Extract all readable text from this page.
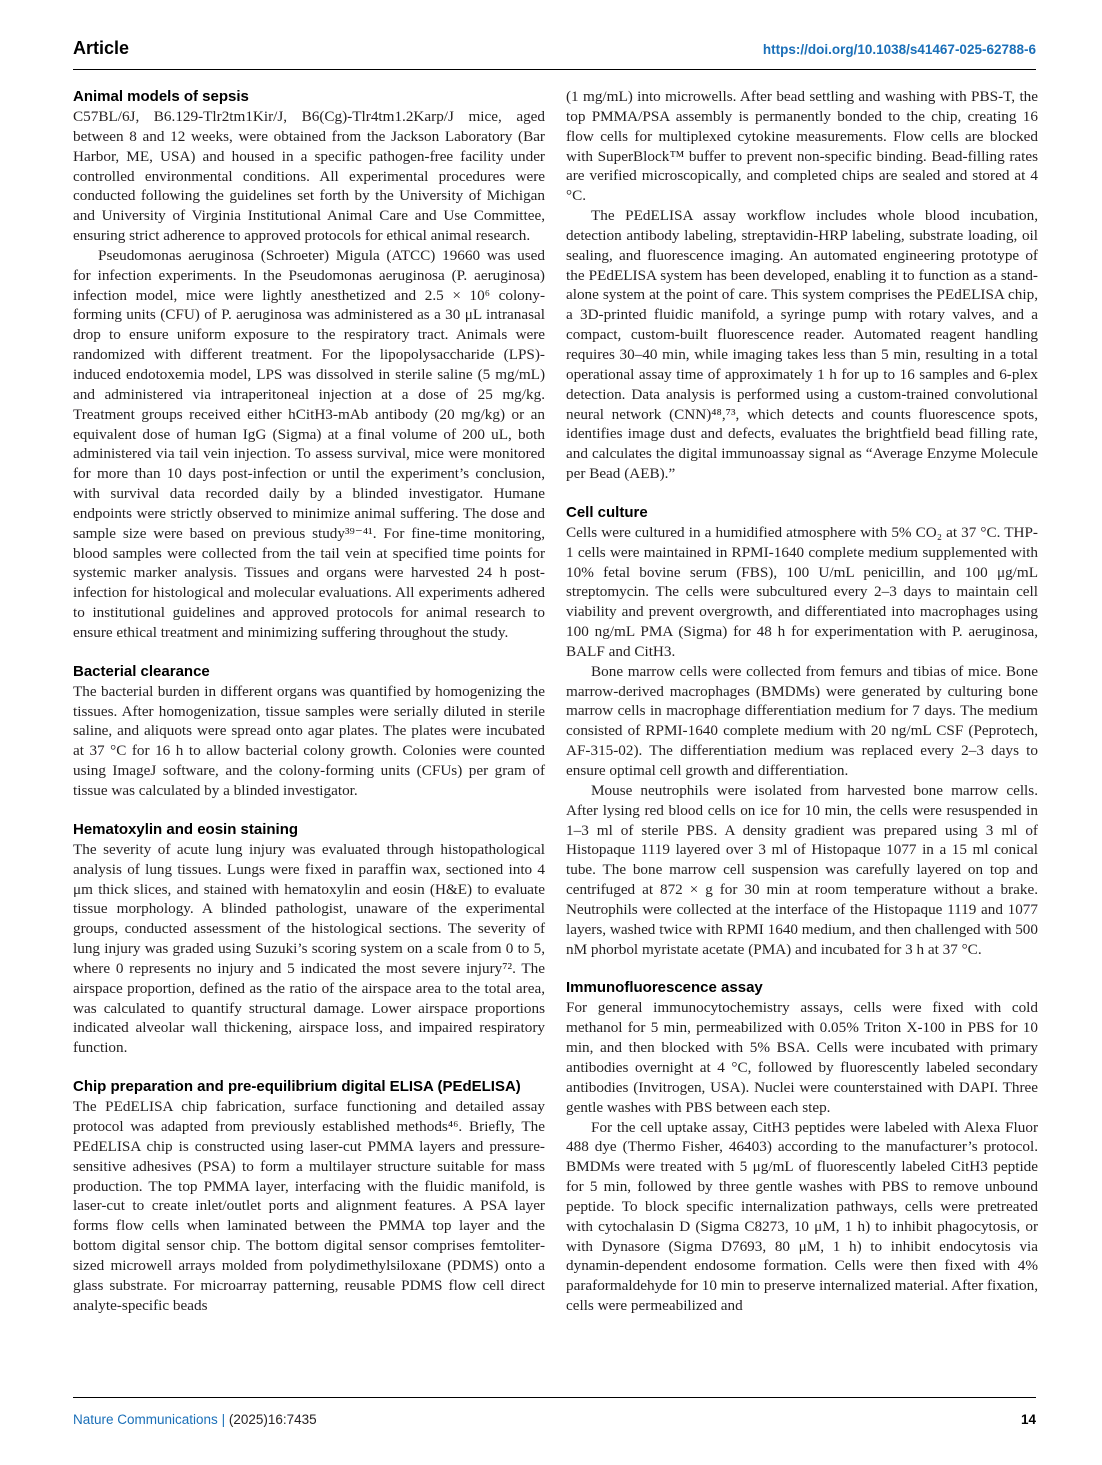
Article	https://doi.org/10.1038/s41467-025-62788-6
Animal models of sepsis

C57BL/6J, B6.129-Tlr2tm1Kir/J, B6(Cg)-Tlr4tm1.2Karp/J mice, aged between 8 and 12 weeks, were obtained from the Jackson Laboratory (Bar Harbor, ME, USA) and housed in a specific pathogen-free facility under controlled environmental conditions. All experimental procedures were conducted following the guidelines set forth by the University of Michigan and University of Virginia Institutional Animal Care and Use Committee, ensuring strict adherence to approved protocols for ethical animal research.

Pseudomonas aeruginosa (Schroeter) Migula (ATCC) 19660 was used for infection experiments. In the Pseudomonas aeruginosa (P. aeruginosa) infection model, mice were lightly anesthetized and 2.5 × 10⁶ colony-forming units (CFU) of P. aeruginosa was administered as a 30 μL intranasal drop to ensure uniform exposure to the respiratory tract. Animals were randomized with different treatment. For the lipopolysaccharide (LPS)-induced endotoxemia model, LPS was dissolved in sterile saline (5 mg/mL) and administered via intraperitoneal injection at a dose of 25 mg/kg. Treatment groups received either hCitH3-mAb antibody (20 mg/kg) or an equivalent dose of human IgG (Sigma) at a final volume of 200 uL, both administered via tail vein injection. To assess survival, mice were monitored for more than 10 days post-infection or until the experiment’s conclusion, with survival data recorded daily by a blinded investigator. Humane endpoints were strictly observed to minimize animal suffering. The dose and sample size were based on previous study³⁹⁻⁴¹. For fine-time monitoring, blood samples were collected from the tail vein at specified time points for systemic marker analysis. Tissues and organs were harvested 24 h post-infection for histological and molecular evaluations. All experiments adhered to institutional guidelines and approved protocols for animal research to ensure ethical treatment and minimizing suffering throughout the study.

Bacterial clearance

The bacterial burden in different organs was quantified by homogenizing the tissues. After homogenization, tissue samples were serially diluted in sterile saline, and aliquots were spread onto agar plates. The plates were incubated at 37 °C for 16 h to allow bacterial colony growth. Colonies were counted using ImageJ software, and the colony-forming units (CFUs) per gram of tissue was calculated by a blinded investigator.

Hematoxylin and eosin staining

The severity of acute lung injury was evaluated through histopathological analysis of lung tissues. Lungs were fixed in paraffin wax, sectioned into 4 μm thick slices, and stained with hematoxylin and eosin (H&E) to evaluate tissue morphology. A blinded pathologist, unaware of the experimental groups, conducted assessment of the histological sections. The severity of lung injury was graded using Suzuki’s scoring system on a scale from 0 to 5, where 0 represents no injury and 5 indicated the most severe injury⁷². The airspace proportion, defined as the ratio of the airspace area to the total area, was calculated to quantify structural damage. Lower airspace proportions indicated alveolar wall thickening, airspace loss, and impaired respiratory function.

Chip preparation and pre-equilibrium digital ELISA (PEdELISA)

The PEdELISA chip fabrication, surface functioning and detailed assay protocol was adapted from previously established methods⁴⁶. Briefly, The PEdELISA chip is constructed using laser-cut PMMA layers and pressure-sensitive adhesives (PSA) to form a multilayer structure suitable for mass production. The top PMMA layer, interfacing with the fluidic manifold, is laser-cut to create inlet/outlet ports and alignment features. A PSA layer forms flow cells when laminated between the PMMA top layer and the bottom digital sensor chip. The bottom digital sensor comprises femtoliter-sized microwell arrays molded from polydimethylsiloxane (PDMS) onto a glass substrate. For microarray patterning, reusable PDMS flow cell direct analyte-specific beads

(1 mg/mL) into microwells. After bead settling and washing with PBS-T, the top PMMA/PSA assembly is permanently bonded to the chip, creating 16 flow cells for multiplexed cytokine measurements. Flow cells are blocked with SuperBlock™ buffer to prevent non-specific binding. Bead-filling rates are verified microscopically, and completed chips are sealed and stored at 4 °C.

The PEdELISA assay workflow includes whole blood incubation, detection antibody labeling, streptavidin-HRP labeling, substrate loading, oil sealing, and fluorescence imaging. An automated engineering prototype of the PEdELISA system has been developed, enabling it to function as a stand-alone system at the point of care. This system comprises the PEdELISA chip, a 3D-printed fluidic manifold, a syringe pump with rotary valves, and a compact, custom-built fluorescence reader. Automated reagent handling requires 30–40 min, while imaging takes less than 5 min, resulting in a total operational assay time of approximately 1 h for up to 16 samples and 6-plex detection. Data analysis is performed using a custom-trained convolutional neural network (CNN)⁴⁸,⁷³, which detects and counts fluorescence spots, identifies image dust and defects, evaluates the brightfield bead filling rate, and calculates the digital immunoassay signal as “Average Enzyme Molecule per Bead (AEB).”

Cell culture

Cells were cultured in a humidified atmosphere with 5% CO₂ at 37 °C. THP-1 cells were maintained in RPMI-1640 complete medium supplemented with 10% fetal bovine serum (FBS), 100 U/mL penicillin, and 100 μg/mL streptomycin. The cells were subcultured every 2–3 days to maintain cell viability and prevent overgrowth, and differentiated into macrophages using 100 ng/mL PMA (Sigma) for 48 h for experimentation with P. aeruginosa, BALF and CitH3.

Bone marrow cells were collected from femurs and tibias of mice. Bone marrow-derived macrophages (BMDMs) were generated by culturing bone marrow cells in macrophage differentiation medium for 7 days. The medium consisted of RPMI-1640 complete medium with 20 ng/mL CSF (Peprotech, AF-315-02). The differentiation medium was replaced every 2–3 days to ensure optimal cell growth and differentiation.

Mouse neutrophils were isolated from harvested bone marrow cells. After lysing red blood cells on ice for 10 min, the cells were resuspended in 1–3 ml of sterile PBS. A density gradient was prepared using 3 ml of Histopaque 1119 layered over 3 ml of Histopaque 1077 in a 15 ml conical tube. The bone marrow cell suspension was carefully layered on top and centrifuged at 872 × g for 30 min at room temperature without a brake. Neutrophils were collected at the interface of the Histopaque 1119 and 1077 layers, washed twice with RPMI 1640 medium, and then challenged with 500 nM phorbol myristate acetate (PMA) and incubated for 3 h at 37 °C.

Immunofluorescence assay

For general immunocytochemistry assays, cells were fixed with cold methanol for 5 min, permeabilized with 0.05% Triton X-100 in PBS for 10 min, and then blocked with 5% BSA. Cells were incubated with primary antibodies overnight at 4 °C, followed by fluorescently labeled secondary antibodies (Invitrogen, USA). Nuclei were counterstained with DAPI. Three gentle washes with PBS between each step.

For the cell uptake assay, CitH3 peptides were labeled with Alexa Fluor 488 dye (Thermo Fisher, 46403) according to the manufacturer’s protocol. BMDMs were treated with 5 μg/mL of fluorescently labeled CitH3 peptide for 5 min, followed by three gentle washes with PBS to remove unbound peptide. To block specific internalization pathways, cells were pretreated with cytochalasin D (Sigma C8273, 10 μM, 1 h) to inhibit phagocytosis, or with Dynasore (Sigma D7693, 80 μM, 1 h) to inhibit endocytosis via dynamin-dependent endosome formation. Cells were then fixed with 4% paraformaldehyde for 10 min to preserve internalized material. After fixation, cells were permeabilized and

Nature Communications | (2025)16:7435	14
